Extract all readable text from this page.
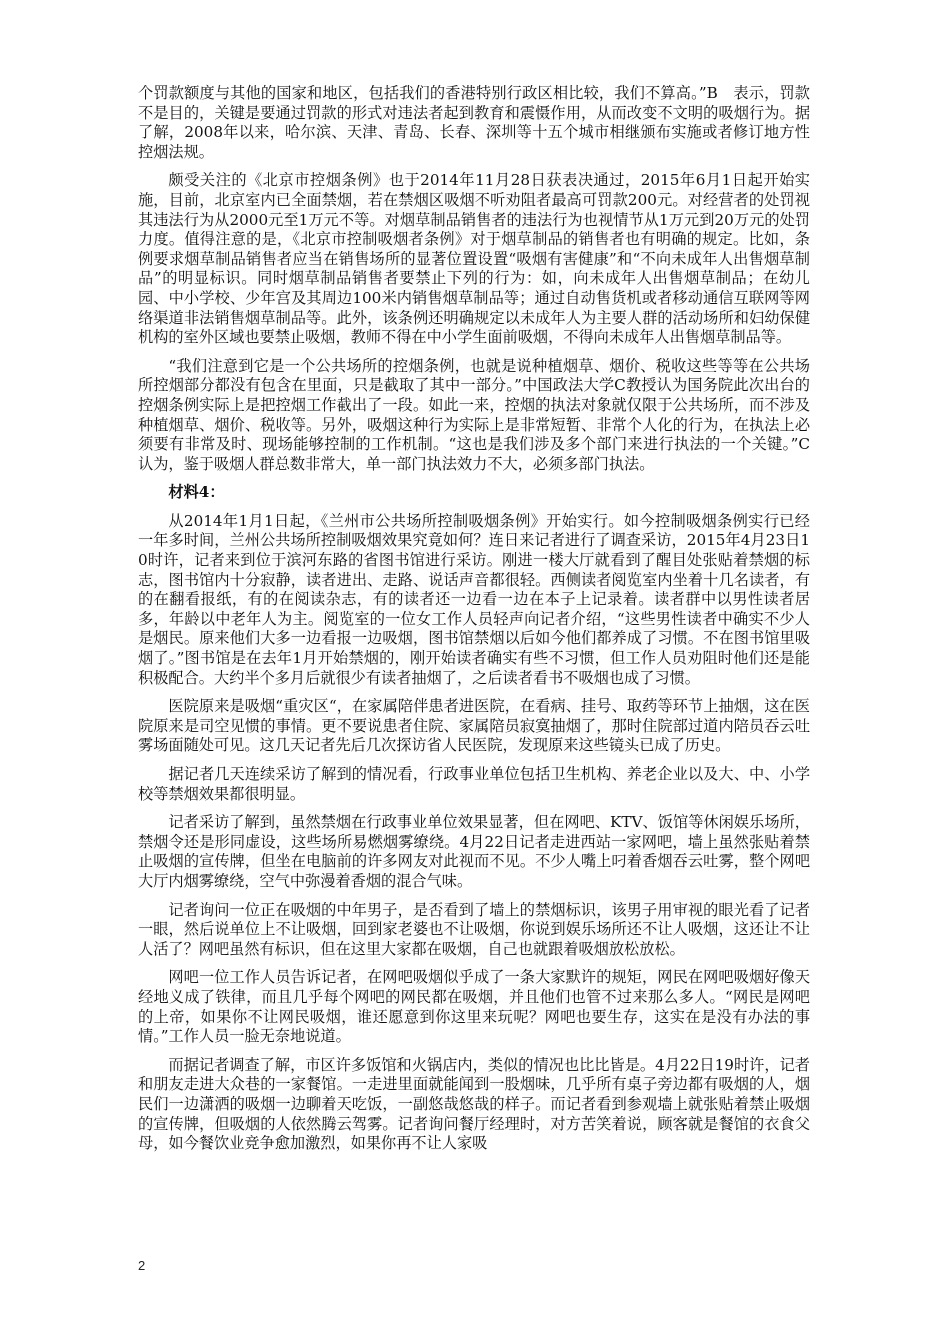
个罚款额度与其他的国家和地区，包括我们的香港特别行政区相比较，我们不算高。”B　表示，罚款不是目的，关键是要通过罚款的形式对违法者起到教育和震慑作用，从而改变不文明的吸烟行为。据了解，2008年以来，哈尔滨、天津、青岛、长春、深圳等十五个城市相继颁布实施或者修订地方性控烟法规。

颇受关注的《北京市控烟条例》也于2014年11月28日获表决通过，2015年6月1日起开始实施，目前，北京室内已全面禁烟，若在禁烟区吸烟不听劝阻者最高可罚款200元。对经营者的处罚视其违法行为从2000元至1万元不等。对烟草制品销售者的违法行为也视情节从1万元到20万元的处罚力度。值得注意的是，《北京市控制吸烟者条例》对于烟草制品的销售者也有明确的规定。比如，条例要求烟草制品销售者应当在销售场所的显著位置设置“吸烟有害健康”和“不向未成年人出售烟草制品”的明显标识。同时烟草制品销售者要禁止下列的行为：如，向未成年人出售烟草制品；在幼儿园、中小学校、少年宫及其周边100米内销售烟草制品等；通过自动售货机或者移动通信互联网等网络渠道非法销售烟草制品等。此外，该条例还明确规定以未成年人为主要人群的活动场所和妇幼保健机构的室外区域也要禁止吸烟，教师不得在中小学生面前吸烟，不得向未成年人出售烟草制品等。

“我们注意到它是一个公共场所的控烟条例，也就是说种植烟草、烟价、税收这些等等在公共场所控烟部分都没有包含在里面，只是截取了其中一部分。”中国政法大学C教授认为国务院此次出台的控烟条例实际上是把控烟工作截出了一段。如此一来，控烟的执法对象就仅限于公共场所，而不涉及种植烟草、烟价、税收等。另外，吸烟这种行为实际上是非常短暂、非常个人化的行为，在执法上必须要有非常及时、现场能够控制的工作机制。“这也是我们涉及多个部门来进行执法的一个关键。”C认为，鉴于吸烟人群总数非常大，单一部门执法效力不大，必须多部门执法。

材料4：

从2014年1月1日起，《兰州市公共场所控制吸烟条例》开始实行。如今控制吸烟条例实行已经一年多时间，兰州公共场所控制吸烟效果究竟如何？连日来记者进行了调查采访，2015年4月23日10时许，记者来到位于滨河东路的省图书馆进行采访。刚进一楼大厅就看到了醒目处张贴着禁烟的标志，图书馆内十分寂静，读者进出、走路、说话声音都很轻。西侧读者阅览室内坐着十几名读者，有的在翻看报纸，有的在阅读杂志，有的读者还一边看一边在本子上记录着。读者群中以男性读者居多，年龄以中老年人为主。阅览室的一位女工作人员轻声向记者介绍，“这些男性读者中确实不少人是烟民。原来他们大多一边看报一边吸烟，图书馆禁烟以后如今他们都养成了习惯。不在图书馆里吸烟了。”图书馆是在去年1月开始禁烟的，刚开始读者确实有些不习惯，但工作人员劝阻时他们还是能积极配合。大约半个多月后就很少有读者抽烟了，之后读者看书不吸烟也成了习惯。

医院原来是吸烟“重灾区“，在家属陪伴患者进医院，在看病、挂号、取药等环节上抽烟，这在医院原来是司空见惯的事情。更不要说患者住院、家属陪员寂寞抽烟了，那时住院部过道内陪员吞云吐雾场面随处可见。这几天记者先后几次探访省人民医院，发现原来这些镜头已成了历史。

据记者几天连续采访了解到的情况看，行政事业单位包括卫生机构、养老企业以及大、中、小学校等禁烟效果都很明显。

记者采访了解到，虽然禁烟在行政事业单位效果显著，但在网吧、KTV、饭馆等休闲娱乐场所，禁烟令还是形同虚设，这些场所易燃烟雾缭绕。4月22日记者走进西站一家网吧，墙上虽然张贴着禁止吸烟的宣传牌，但坐在电脑前的许多网友对此视而不见。不少人嘴上叼着香烟吞云吐雾，整个网吧大厅内烟雾缭绕，空气中弥漫着香烟的混合气味。

记者询问一位正在吸烟的中年男子，是否看到了墙上的禁烟标识，该男子用审视的眼光看了记者一眼，然后说单位上不让吸烟，回到家老婆也不让吸烟，你说到娱乐场所还不让人吸烟，这还让不让人活了？网吧虽然有标识，但在这里大家都在吸烟，自己也就跟着吸烟放松放松。

网吧一位工作人员告诉记者，在网吧吸烟似乎成了一条大家默许的规矩，网民在网吧吸烟好像天经地义成了铁律，而且几乎每个网吧的网民都在吸烟，并且他们也管不过来那么多人。“网民是网吧的上帝，如果你不让网民吸烟，谁还愿意到你这里来玩呢？网吧也要生存，这实在是没有办法的事情。”工作人员一脸无奈地说道。

而据记者调查了解，市区许多饭馆和火锅店内，类似的情况也比比皆是。4月22日19时许，记者和朋友走进大众巷的一家餐馆。一走进里面就能闻到一股烟味，几乎所有桌子旁边都有吸烟的人，烟民们一边潇洒的吸烟一边聊着天吃饭，一副悠哉悠哉的样子。而记者看到参观墙上就张贴着禁止吸烟的宣传牌，但吸烟的人依然腾云驾雾。记者询问餐厅经理时，对方苦笑着说，顾客就是餐馆的衣食父母，如今餐饮业竞争愈加激烈，如果你再不让人家吸

2
